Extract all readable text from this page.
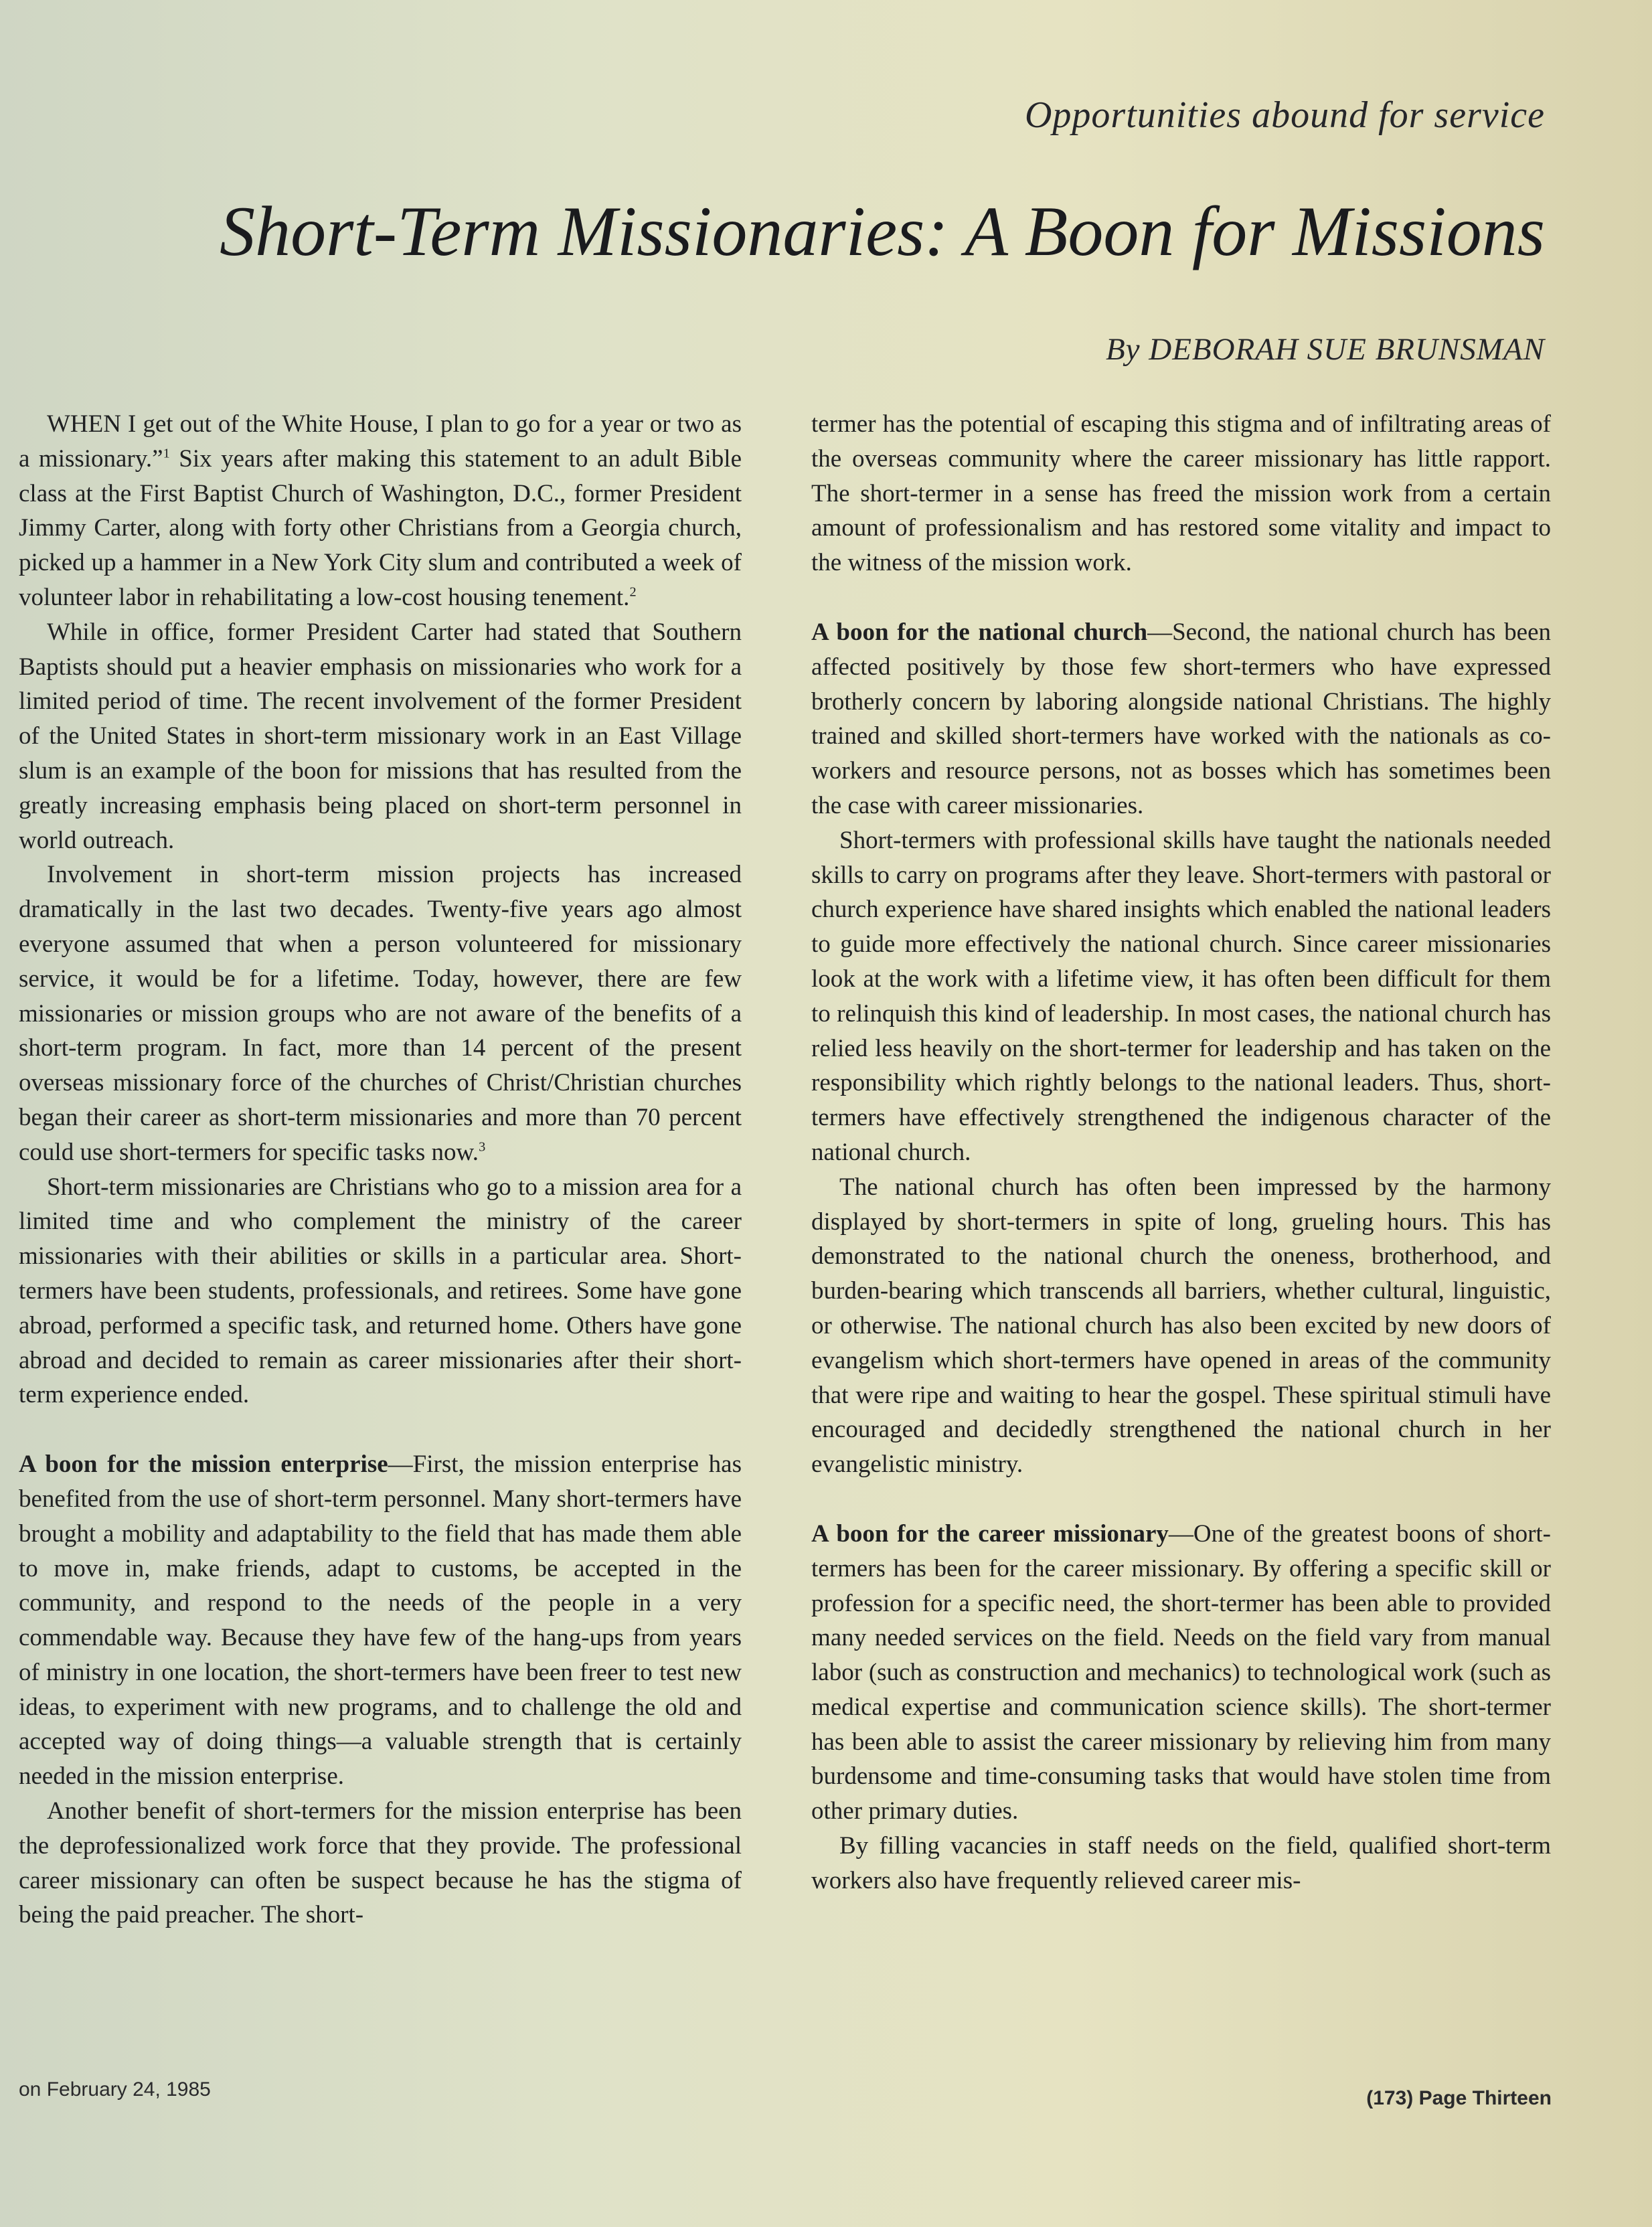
Opportunities abound for service
Short-Term Missionaries: A Boon for Missions
By DEBORAH SUE BRUNSMAN

WHEN I get out of the White House, I plan to go for a year or two as a missionary.”$^1$ Six years after making this statement to an adult Bible class at the First Baptist Church of Washington, D.C., former President Jimmy Carter, along with forty other Christians from a Georgia church, picked up a hammer in a New York City slum and contributed a week of volunteer labor in rehabilitating a low-cost housing tenement.$^2$

While in office, former President Carter had stated that Southern Baptists should put a heavier emphasis on missionaries who work for a limited period of time. The recent involvement of the former President of the United States in short-term missionary work in an East Village slum is an example of the boon for missions that has resulted from the greatly increasing emphasis being placed on short-term personnel in world outreach.

Involvement in short-term mission projects has increased dramatically in the last two decades. Twenty-five years ago almost everyone assumed that when a person volunteered for missionary service, it would be for a lifetime. Today, however, there are few missionaries or mission groups who are not aware of the benefits of a short-term program. In fact, more than 14 percent of the present overseas missionary force of the churches of Christ/Christian churches began their career as short-term missionaries and more than 70 percent could use short-termers for specific tasks now.$^3$

Short-term missionaries are Christians who go to a mission area for a limited time and who complement the ministry of the career missionaries with their abilities or skills in a particular area. Short-termers have been students, professionals, and retirees. Some have gone abroad, performed a specific task, and returned home. Others have gone abroad and decided to remain as career missionaries after their short-term experience ended.

A boon for the mission enterprise—First, the mission enterprise has benefited from the use of short-term personnel. Many short-termers have brought a mobility and adaptability to the field that has made them able to move in, make friends, adapt to customs, be accepted in the community, and respond to the needs of the people in a very commendable way. Because they have few of the hang-ups from years of ministry in one location, the short-termers have been freer to test new ideas, to experiment with new programs, and to challenge the old and accepted way of doing things—a valuable strength that is certainly needed in the mission enterprise.

Another benefit of short-termers for the mission enterprise has been the deprofessionalized work force that they provide. The professional career missionary can often be suspect because he has the stigma of being the paid preacher. The short-

termer has the potential of escaping this stigma and of infiltrating areas of the overseas community where the career missionary has little rapport. The short-termer in a sense has freed the mission work from a certain amount of professionalism and has restored some vitality and impact to the witness of the mission work.

A boon for the national church—Second, the national church has been affected positively by those few short-termers who have expressed brotherly concern by laboring alongside national Christians. The highly trained and skilled short-termers have worked with the nationals as co-workers and resource persons, not as bosses which has sometimes been the case with career missionaries.

Short-termers with professional skills have taught the nationals needed skills to carry on programs after they leave. Short-termers with pastoral or church experience have shared insights which enabled the national leaders to guide more effectively the national church. Since career missionaries look at the work with a lifetime view, it has often been difficult for them to relinquish this kind of leadership. In most cases, the national church has relied less heavily on the short-termer for leadership and has taken on the responsibility which rightly belongs to the national leaders. Thus, short-termers have effectively strengthened the indigenous character of the national church.

The national church has often been impressed by the harmony displayed by short-termers in spite of long, grueling hours. This has demonstrated to the national church the oneness, brotherhood, and burden-bearing which transcends all barriers, whether cultural, linguistic, or otherwise. The national church has also been excited by new doors of evangelism which short-termers have opened in areas of the community that were ripe and waiting to hear the gospel. These spiritual stimuli have encouraged and decidedly strengthened the national church in her evangelistic ministry.

A boon for the career missionary—One of the greatest boons of short-termers has been for the career missionary. By offering a specific skill or profession for a specific need, the short-termer has been able to provided many needed services on the field. Needs on the field vary from manual labor (such as construction and mechanics) to technological work (such as medical expertise and communication science skills). The short-termer has been able to assist the career missionary by relieving him from many burdensome and time-consuming tasks that would have stolen time from other primary duties.

By filling vacancies in staff needs on the field, qualified short-term workers also have frequently relieved career mis-

on February 24, 1985	(173) Page Thirteen
